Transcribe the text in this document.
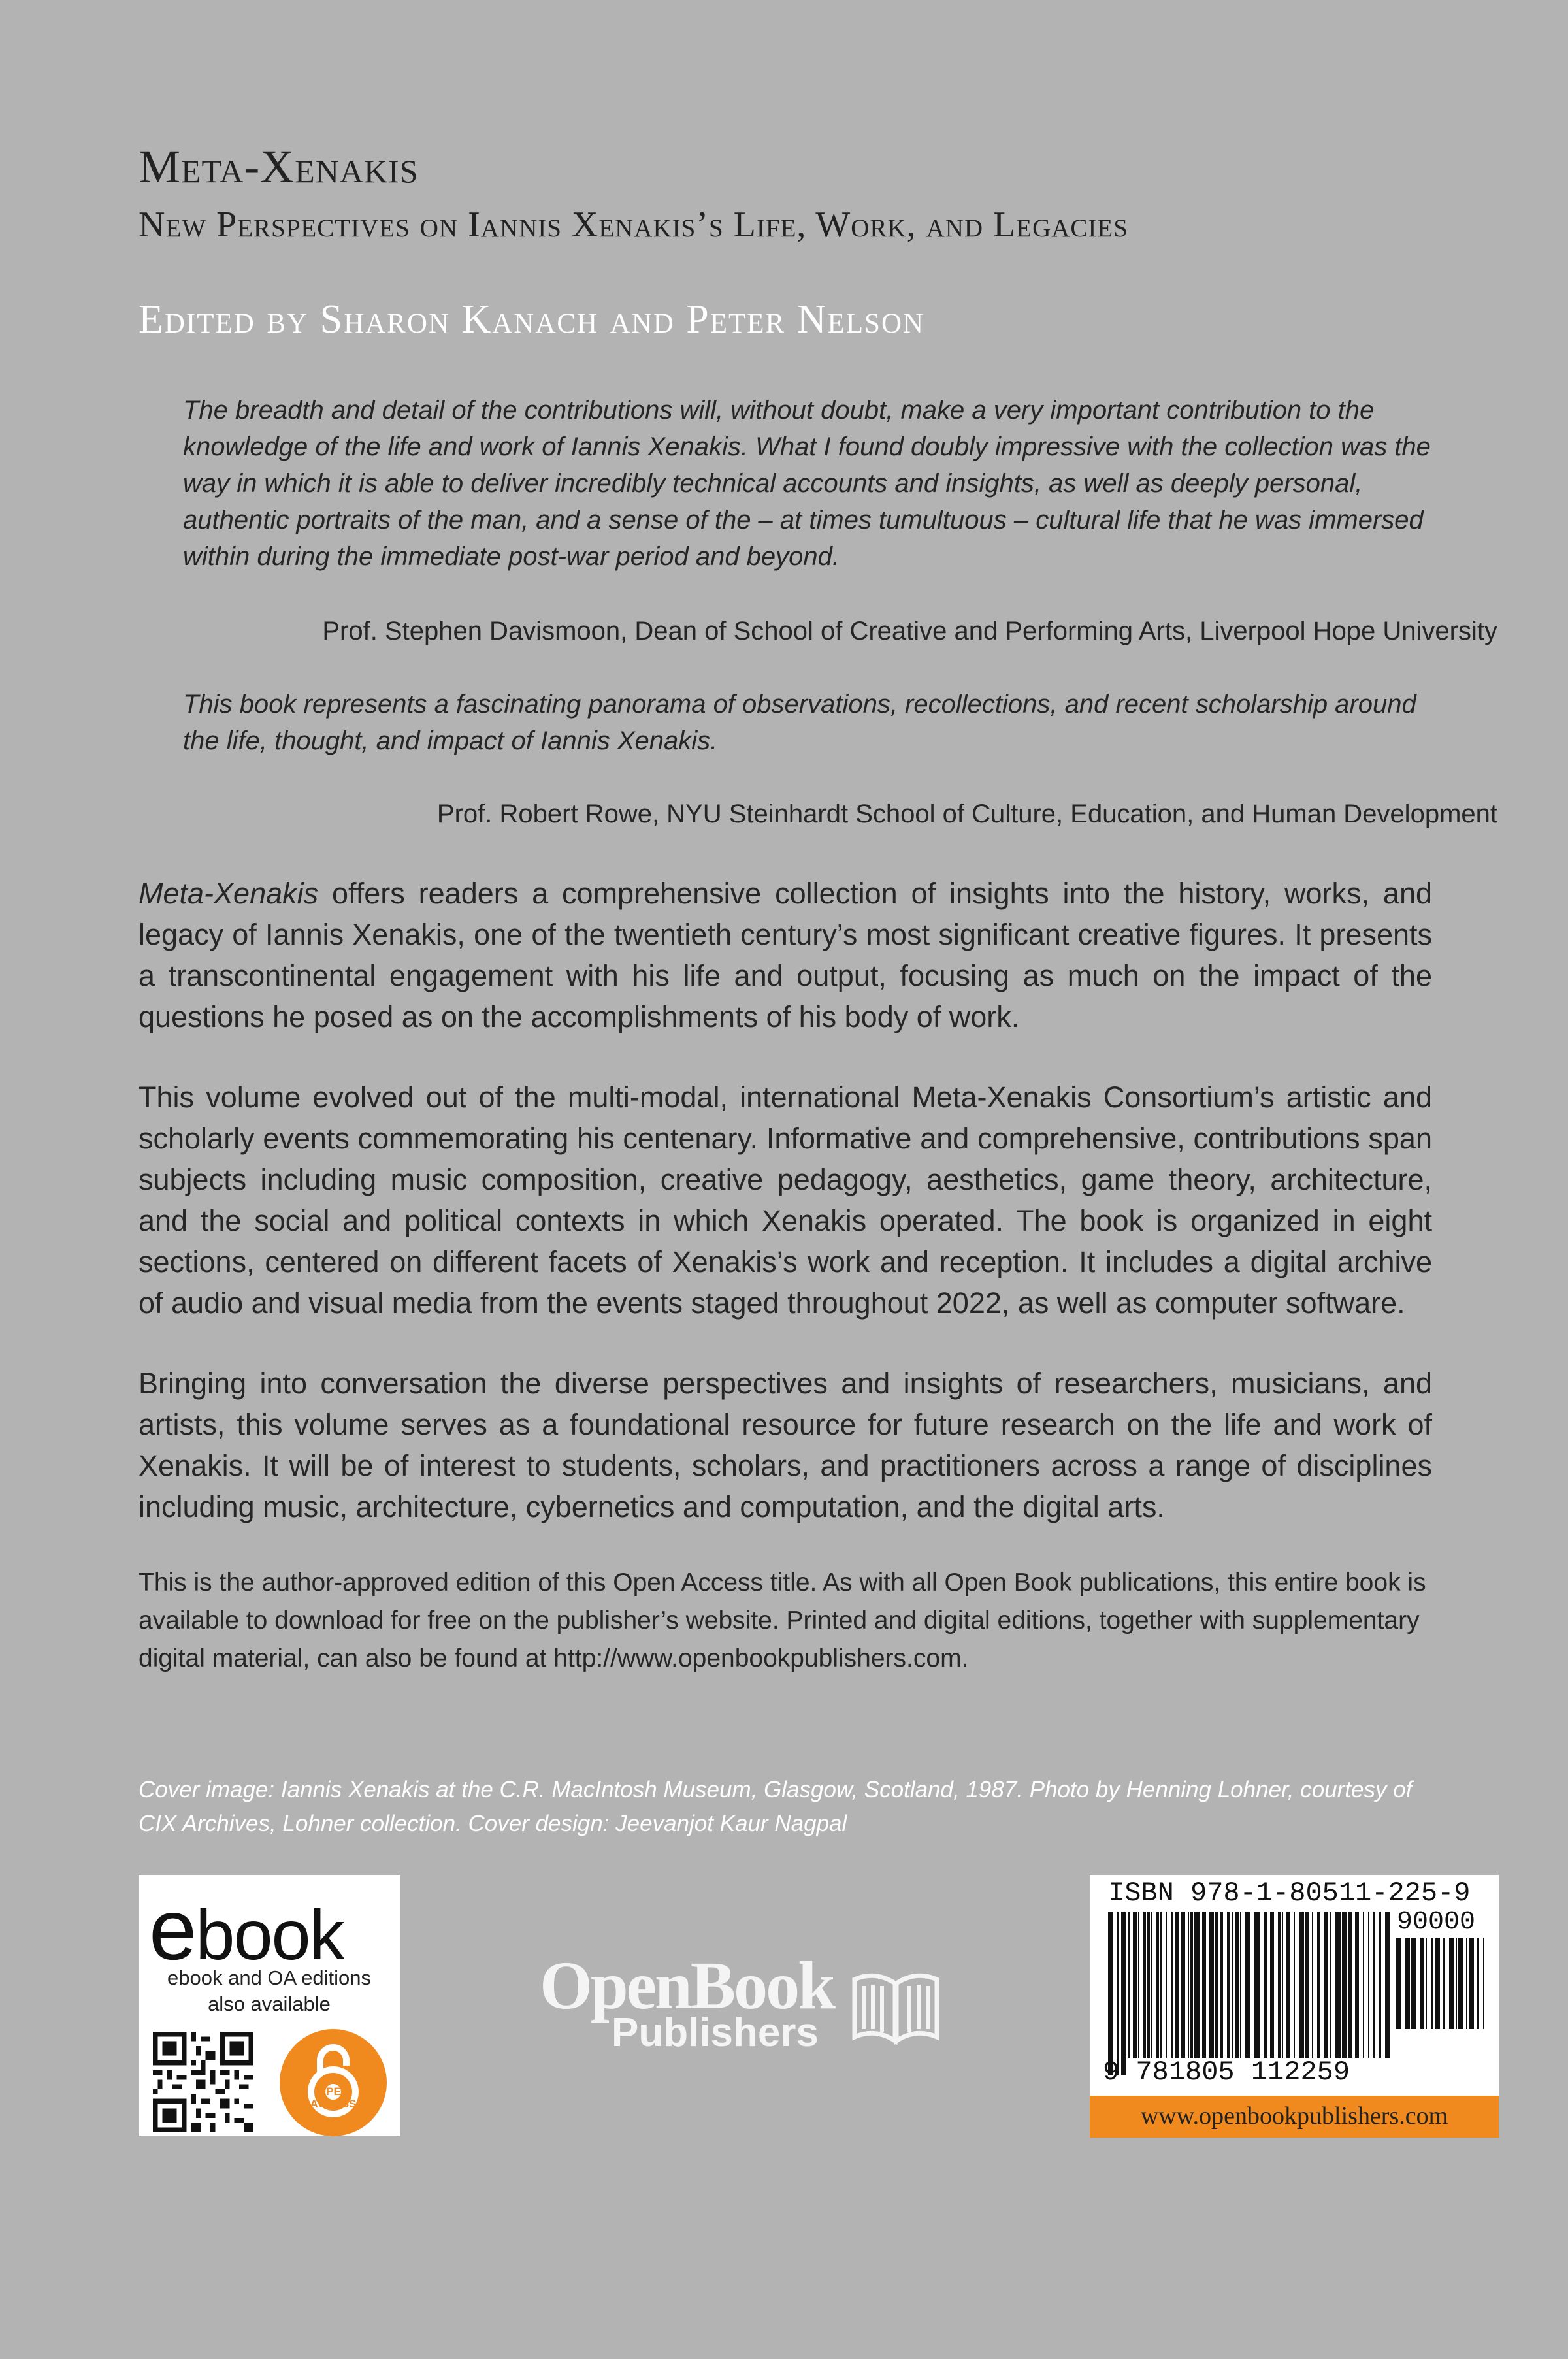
Meta-Xenakis
New Perspectives on Iannis Xenakis’s Life, Work, and Legacies
Edited by Sharon Kanach and Peter Nelson

The breadth and detail of the contributions will, without doubt, make a very important contribution to the knowledge of the life and work of Iannis Xenakis. What I found doubly impressive with the collection was the way in which it is able to deliver incredibly technical accounts and insights, as well as deeply personal, authentic portraits of the man, and a sense of the – at times tumultuous – cultural life that he was immersed within during the immediate post-war period and beyond.

Prof. Stephen Davismoon, Dean of School of Creative and Performing Arts, Liverpool Hope University

This book represents a fascinating panorama of observations, recollections, and recent scholarship around the life, thought, and impact of Iannis Xenakis.

Prof. Robert Rowe, NYU Steinhardt School of Culture, Education, and Human Development

Meta-Xenakis offers readers a comprehensive collection of insights into the history, works, and legacy of Iannis Xenakis, one of the twentieth century’s most significant creative figures. It presents a transcontinental engagement with his life and output, focusing as much on the impact of the questions he posed as on the accomplishments of his body of work.

This volume evolved out of the multi-modal, international Meta-Xenakis Consortium’s artistic and scholarly events commemorating his centenary. Informative and comprehensive, contributions span subjects including music composition, creative pedagogy, aesthetics, game theory, architecture, and the social and political contexts in which Xenakis operated. The book is organized in eight sections, centered on different facets of Xenakis’s work and reception. It includes a digital archive of audio and visual media from the events staged throughout 2022, as well as computer software.

Bringing into conversation the diverse perspectives and insights of researchers, musicians, and artists, this volume serves as a foundational resource for future research on the life and work of Xenakis. It will be of interest to students, scholars, and practitioners across a range of disciplines including music, architecture, cybernetics and computation, and the digital arts.

This is the author-approved edition of this Open Access title. As with all Open Book publications, this entire book is available to download for free on the publisher’s website. Printed and digital editions, together with supplementary digital material, can also be found at http://www.openbookpublishers.com.

Cover image: Iannis Xenakis at the C.R. MacIntosh Museum, Glasgow, Scotland, 1987. Photo by Henning Lohner, courtesy of CIX Archives, Lohner collection. Cover design: Jeevanjot Kaur Nagpal

ebook
ebook and OA editions
also available
OPEN
ACCESS
OpenBook
Publishers
ISBN 978-1-80511-225-9
90000
9 781805 112259
www.openbookpublishers.com
